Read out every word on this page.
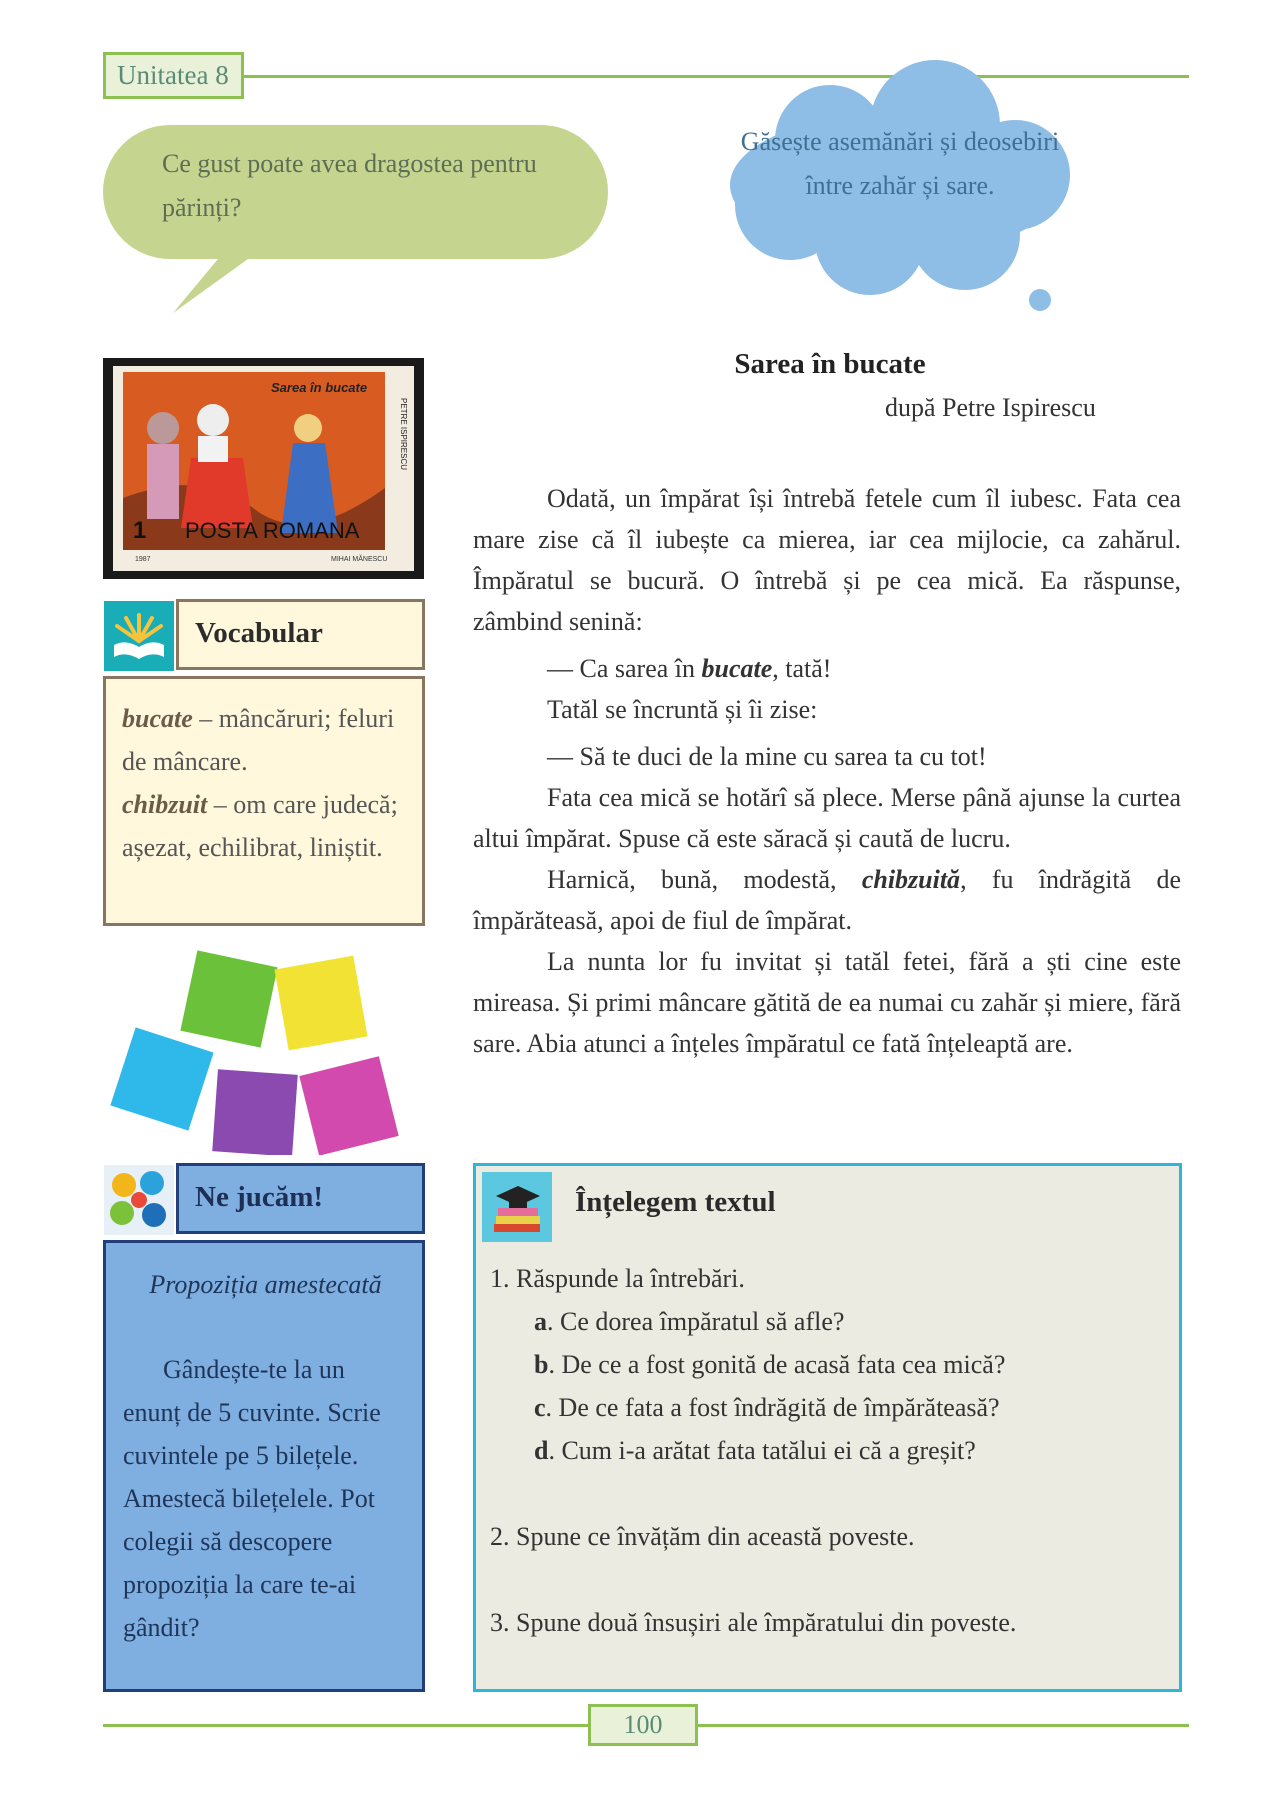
Unitatea 8
Ce gust poate avea dragostea pentru părinți?
Găsește asemănări și deosebiri între zahăr și sare.
Sarea în bucate
PETRE ISPIRESCU
1 POSTA ROMANA
1987	MIHAI MĂNESCU
Vocabular
bucate – mâncăruri; feluri de mâncare.
chibzuit – om care judecă; așezat, echilibrat, liniștit.
Ne jucăm!
Propoziția amestecată
Gândește-te la un enunț de 5 cuvinte. Scrie cuvintele pe 5 bilețele. Amestecă bilețelele. Pot colegii să descopere propoziția la care te-ai gândit?
Sarea în bucate
după Petre Ispirescu

Odată, un împărat își întrebă fetele cum îl iubesc. Fata cea mare zise că îl iubește ca mierea, iar cea mijlocie, ca zahărul. Împăratul se bucură. O întrebă și pe cea mică. Ea răspunse, zâmbind senină:

— Ca sarea în bucate, tată!

Tatăl se încruntă și îi zise:

— Să te duci de la mine cu sarea ta cu tot!

Fata cea mică se hotărî să plece. Merse până ajunse la curtea altui împărat. Spuse că este săracă și caută de lucru.

Harnică, bună, modestă, chibzuită, fu îndrăgită de împărăteasă, apoi de fiul de împărat.

La nunta lor fu invitat și tatăl fetei, fără a ști cine este mireasa. Și primi mâncare gătită de ea numai cu zahăr și miere, fără sare. Abia atunci a înțeles împăratul ce fată înțeleaptă are.

Înțelegem textul
1. Răspunde la întrebări.
a. Ce dorea împăratul să afle?
b. De ce a fost gonită de acasă fata cea mică?
c. De ce fata a fost îndrăgită de împărăteasă?
d. Cum i-a arătat fata tatălui ei că a greșit?
2. Spune ce învățăm din această poveste.
3. Spune două însușiri ale împăratului din poveste.
100
